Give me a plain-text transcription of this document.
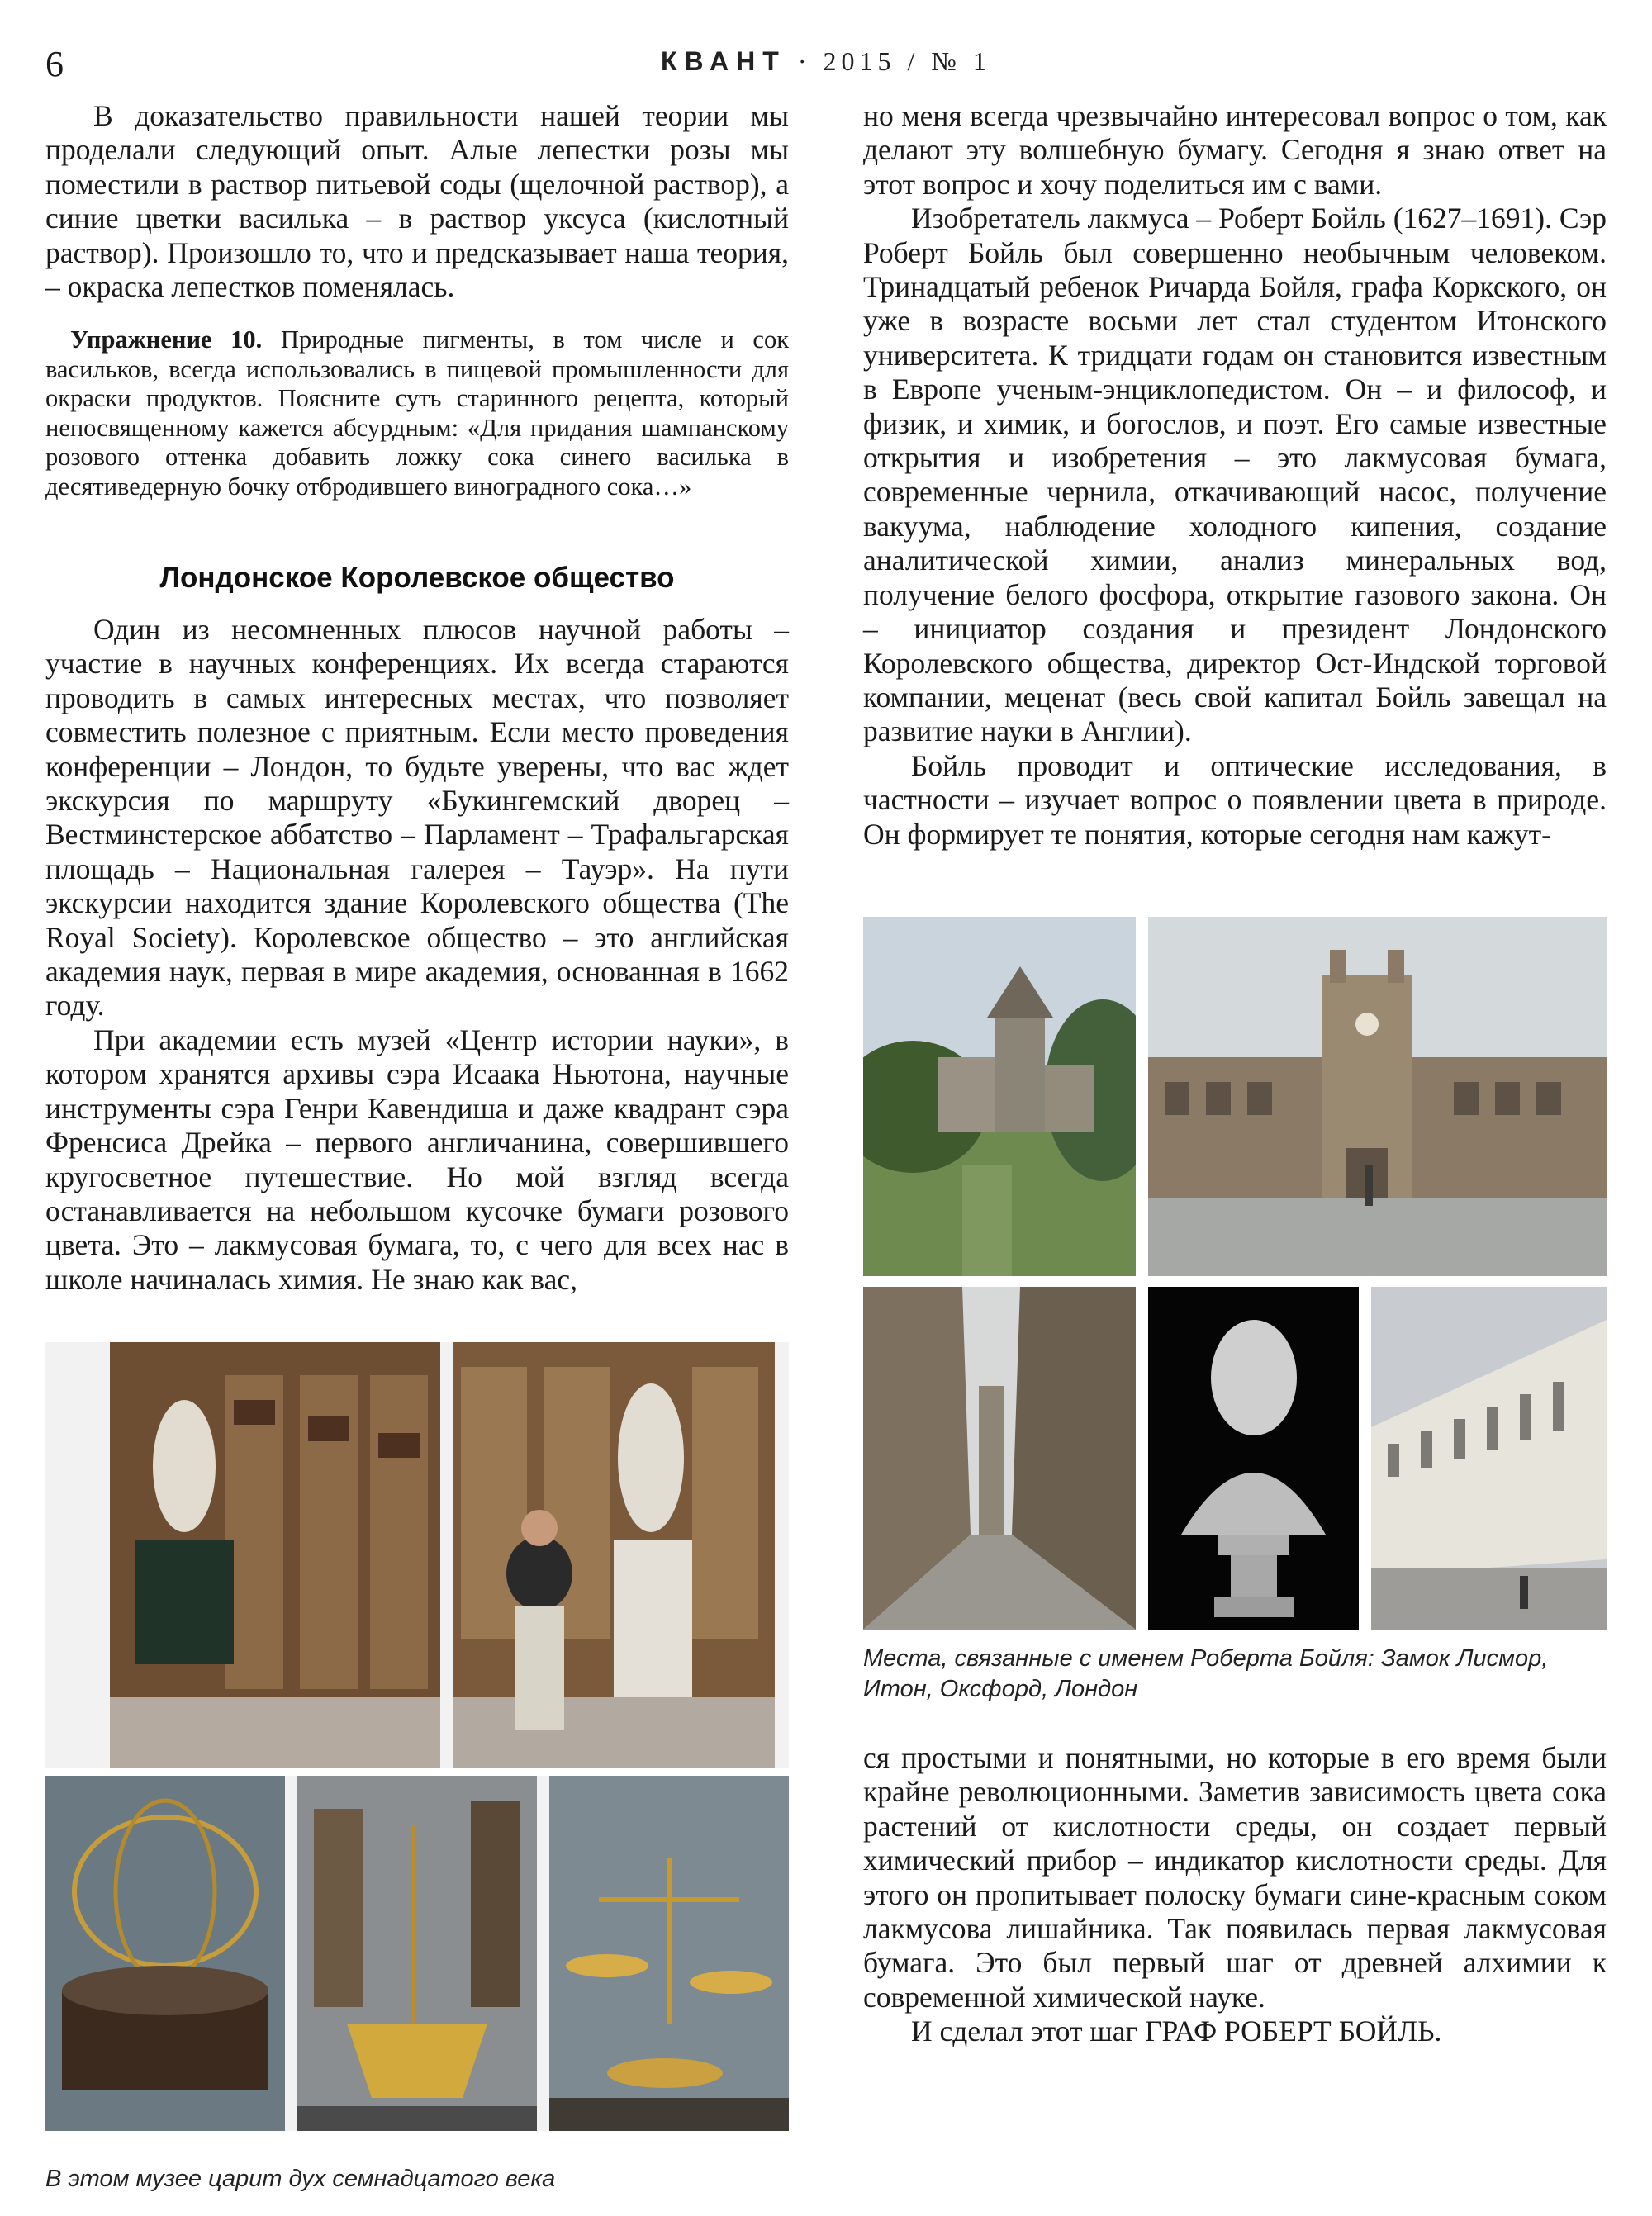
6	КВАНТ · 2015 / № 1

В доказательство правильности нашей теории мы проделали следующий опыт. Алые лепестки розы мы поместили в раствор питьевой соды (щелочной раствор), а синие цветки василька – в раствор уксуса (кислотный раствор). Произошло то, что и предсказывает наша теория, – окраска лепестков поменялась.

Упражнение 10. Природные пигменты, в том числе и сок васильков, всегда использовались в пищевой промышленности для окраски продуктов. Поясните суть старинного рецепта, который непосвященному кажется абсурдным: «Для придания шампанскому розового оттенка добавить ложку сока синего василька в десятиведерную бочку отбродившего виноградного сока…»

Лондонское Королевское общество

Один из несомненных плюсов научной работы – участие в научных конференциях. Их всегда стараются проводить в самых интересных местах, что позволяет совместить полезное с приятным. Если место проведения конференции – Лондон, то будьте уверены, что вас ждет экскурсия по маршруту «Букингемский дворец – Вестминстерское аббатство – Парламент – Трафальгарская площадь – Национальная галерея – Тауэр». На пути экскурсии находится здание Королевского общества (The Royal Society). Королевское общество – это английская академия наук, первая в мире академия, основанная в 1662 году.

При академии есть музей «Центр истории науки», в котором хранятся архивы сэра Исаака Ньютона, научные инструменты сэра Генри Кавендиша и даже квадрант сэра Френсиса Дрейка – первого англичанина, совершившего кругосветное путешествие. Но мой взгляд всегда останавливается на небольшом кусочке бумаги розового цвета. Это – лакмусовая бумага, то, с чего для всех нас в школе начиналась химия. Не знаю как вас,

но меня всегда чрезвычайно интересовал вопрос о том, как делают эту волшебную бумагу. Сегодня я знаю ответ на этот вопрос и хочу поделиться им с вами.

Изобретатель лакмуса – Роберт Бойль (1627–1691). Сэр Роберт Бойль был совершенно необычным человеком. Тринадцатый ребенок Ричарда Бойля, графа Коркского, он уже в возрасте восьми лет стал студентом Итонского университета. К тридцати годам он становится известным в Европе ученым-энциклопедистом. Он – и философ, и физик, и химик, и богослов, и поэт. Его самые известные открытия и изобретения – это лакмусовая бумага, современные чернила, откачивающий насос, получение вакуума, наблюдение холодного кипения, создание аналитической химии, анализ минеральных вод, получение белого фосфора, открытие газового закона. Он – инициатор создания и президент Лондонского Королевского общества, директор Ост-Индской торговой компании, меценат (весь свой капитал Бойль завещал на развитие науки в Англии).

Бойль проводит и оптические исследования, в частности – изучает вопрос о появлении цвета в природе. Он формирует те понятия, которые сегодня нам кажут-

Места, связанные с именем Роберта Бойля: Замок Лисмор, Итон, Оксфорд, Лондон

ся простыми и понятными, но которые в его время были крайне революционными. Заметив зависимость цвета сока растений от кислотности среды, он создает первый химический прибор – индикатор кислотности среды. Для этого он пропитывает полоску бумаги сине-красным соком лакмусова лишайника. Так появилась первая лакмусовая бумага. Это был первый шаг от древней алхимии к современной химической науке.

И сделал этот шаг ГРАФ РОБЕРТ БОЙЛЬ.

В этом музее царит дух семнадцатого века
